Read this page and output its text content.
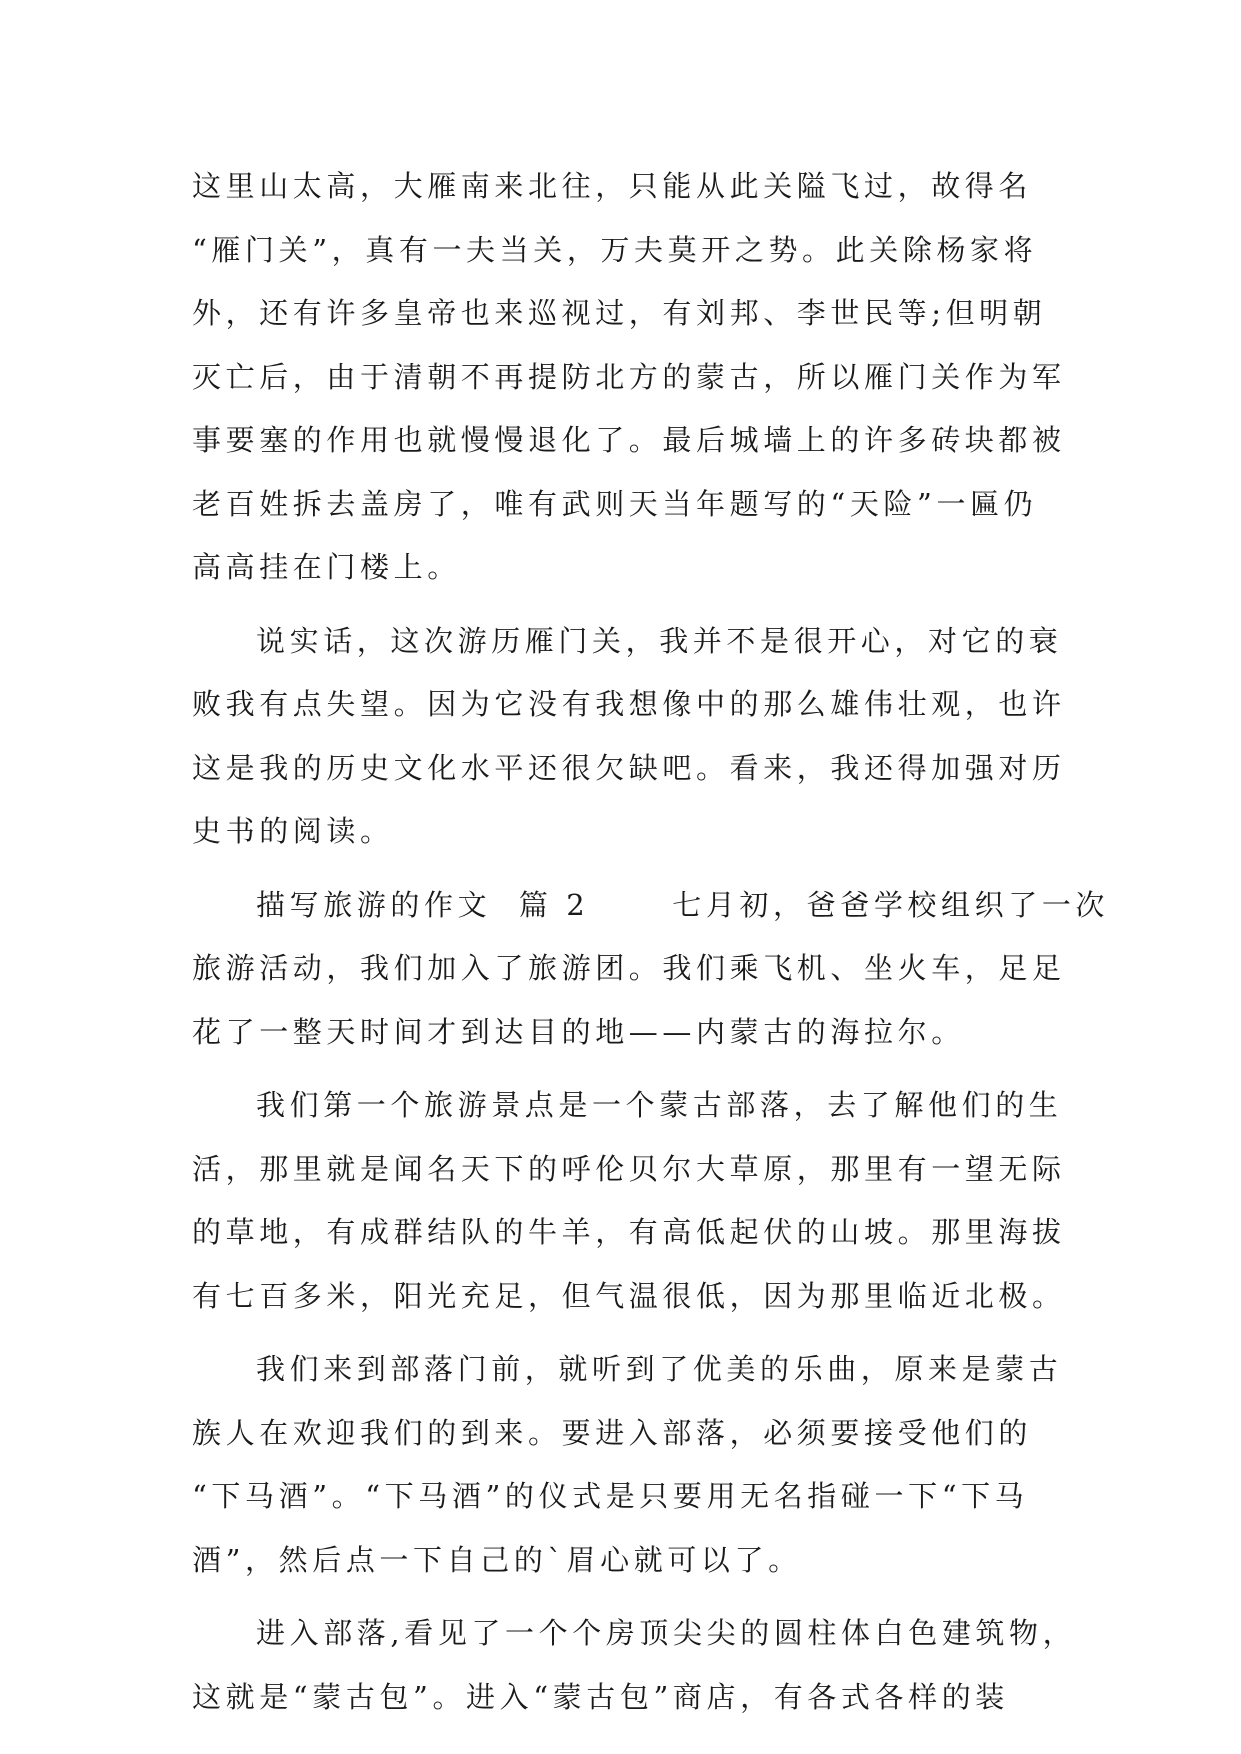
这里山太高，大雁南来北往，只能从此关隘飞过，故得名
“雁门关”，真有一夫当关，万夫莫开之势。此关除杨家将
外，还有许多皇帝也来巡视过，有刘邦、李世民等;但明朝
灭亡后，由于清朝不再提防北方的蒙古，所以雁门关作为军
事要塞的作用也就慢慢退化了。最后城墙上的许多砖块都被
老百姓拆去盖房了，唯有武则天当年题写的“天险”一匾仍
高高挂在门楼上。
说实话，这次游历雁门关，我并不是很开心，对它的衰
败我有点失望。因为它没有我想像中的那么雄伟壮观，也许
这是我的历史文化水平还很欠缺吧。看来，我还得加强对历
史书的阅读。
描写旅游的作文  篇 2      七月初，爸爸学校组织了一次
旅游活动，我们加入了旅游团。我们乘飞机、坐火车，足足
花了一整天时间才到达目的地——内蒙古的海拉尔。
我们第一个旅游景点是一个蒙古部落，去了解他们的生
活，那里就是闻名天下的呼伦贝尔大草原，那里有一望无际
的草地，有成群结队的牛羊，有高低起伏的山坡。那里海拔
有七百多米，阳光充足，但气温很低，因为那里临近北极。
我们来到部落门前，就听到了优美的乐曲，原来是蒙古
族人在欢迎我们的到来。要进入部落，必须要接受他们的
“下马酒”。“下马酒”的仪式是只要用无名指碰一下“下马
酒”，然后点一下自己的`眉心就可以了。
进入部落,看见了一个个房顶尖尖的圆柱体白色建筑物，
这就是“蒙古包”。进入“蒙古包”商店，有各式各样的装
